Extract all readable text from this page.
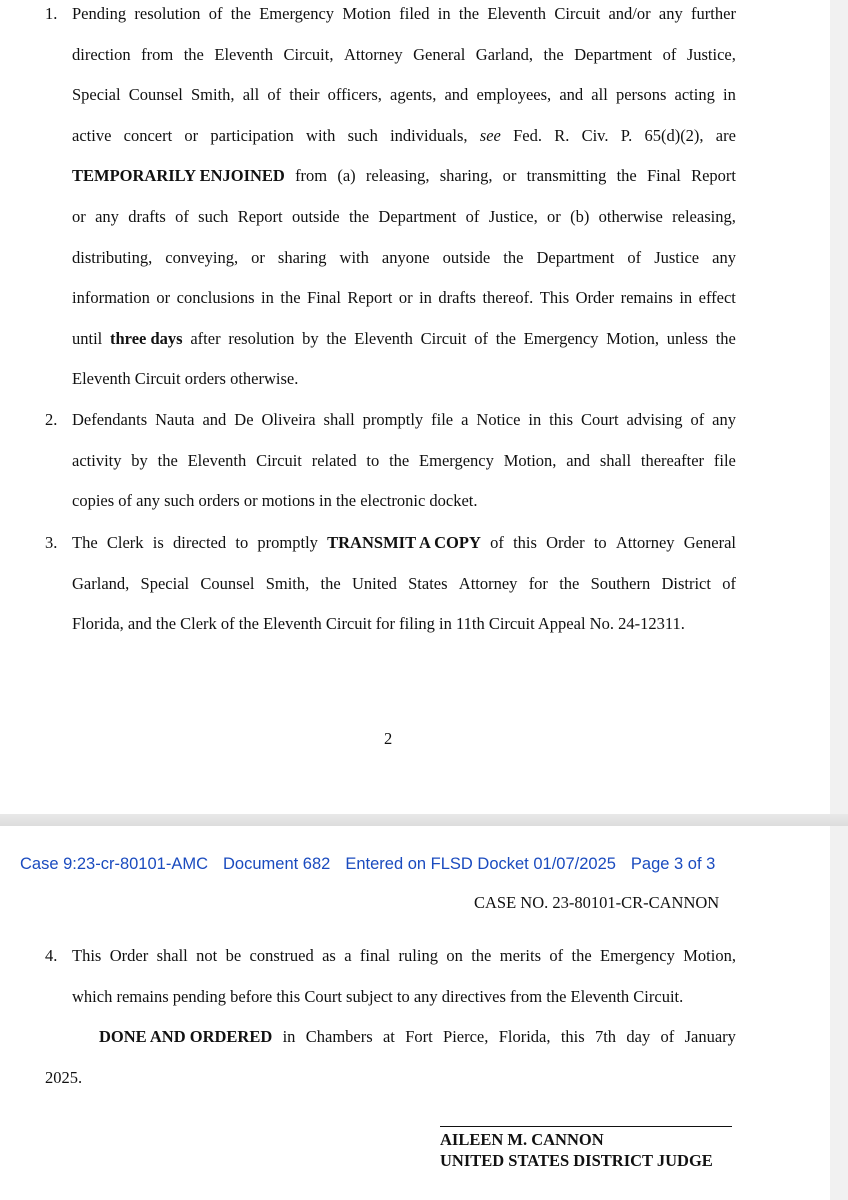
1. Pending resolution of the Emergency Motion filed in the Eleventh Circuit and/or any further
direction from the Eleventh Circuit, Attorney General Garland, the Department of Justice,
Special Counsel Smith, all of their officers, agents, and employees, and all persons acting in
active concert or participation with such individuals, see Fed. R. Civ. P. 65(d)(2), are
TEMPORARILY ENJOINED from (a) releasing, sharing, or transmitting the Final Report
or any drafts of such Report outside the Department of Justice, or (b) otherwise releasing,
distributing, conveying, or sharing with anyone outside the Department of Justice any
information or conclusions in the Final Report or in drafts thereof. This Order remains in effect
until three days after resolution by the Eleventh Circuit of the Emergency Motion, unless the
Eleventh Circuit orders otherwise.
2. Defendants Nauta and De Oliveira shall promptly file a Notice in this Court advising of any
activity by the Eleventh Circuit related to the Emergency Motion, and shall thereafter file
copies of any such orders or motions in the electronic docket.
3. The Clerk is directed to promptly TRANSMIT A COPY of this Order to Attorney General
Garland, Special Counsel Smith, the United States Attorney for the Southern District of
Florida, and the Clerk of the Eleventh Circuit for filing in 11th Circuit Appeal No. 24-12311.
2
Case 9:23-cr-80101-AMC Document 682 Entered on FLSD Docket 01/07/2025 Page 3 of 3
CASE NO. 23-80101-CR-CANNON
4. This Order shall not be construed as a final ruling on the merits of the Emergency Motion,
which remains pending before this Court subject to any directives from the Eleventh Circuit.
DONE AND ORDERED in Chambers at Fort Pierce, Florida, this 7th day of January
2025.
AILEEN M. CANNON
UNITED STATES DISTRICT JUDGE
